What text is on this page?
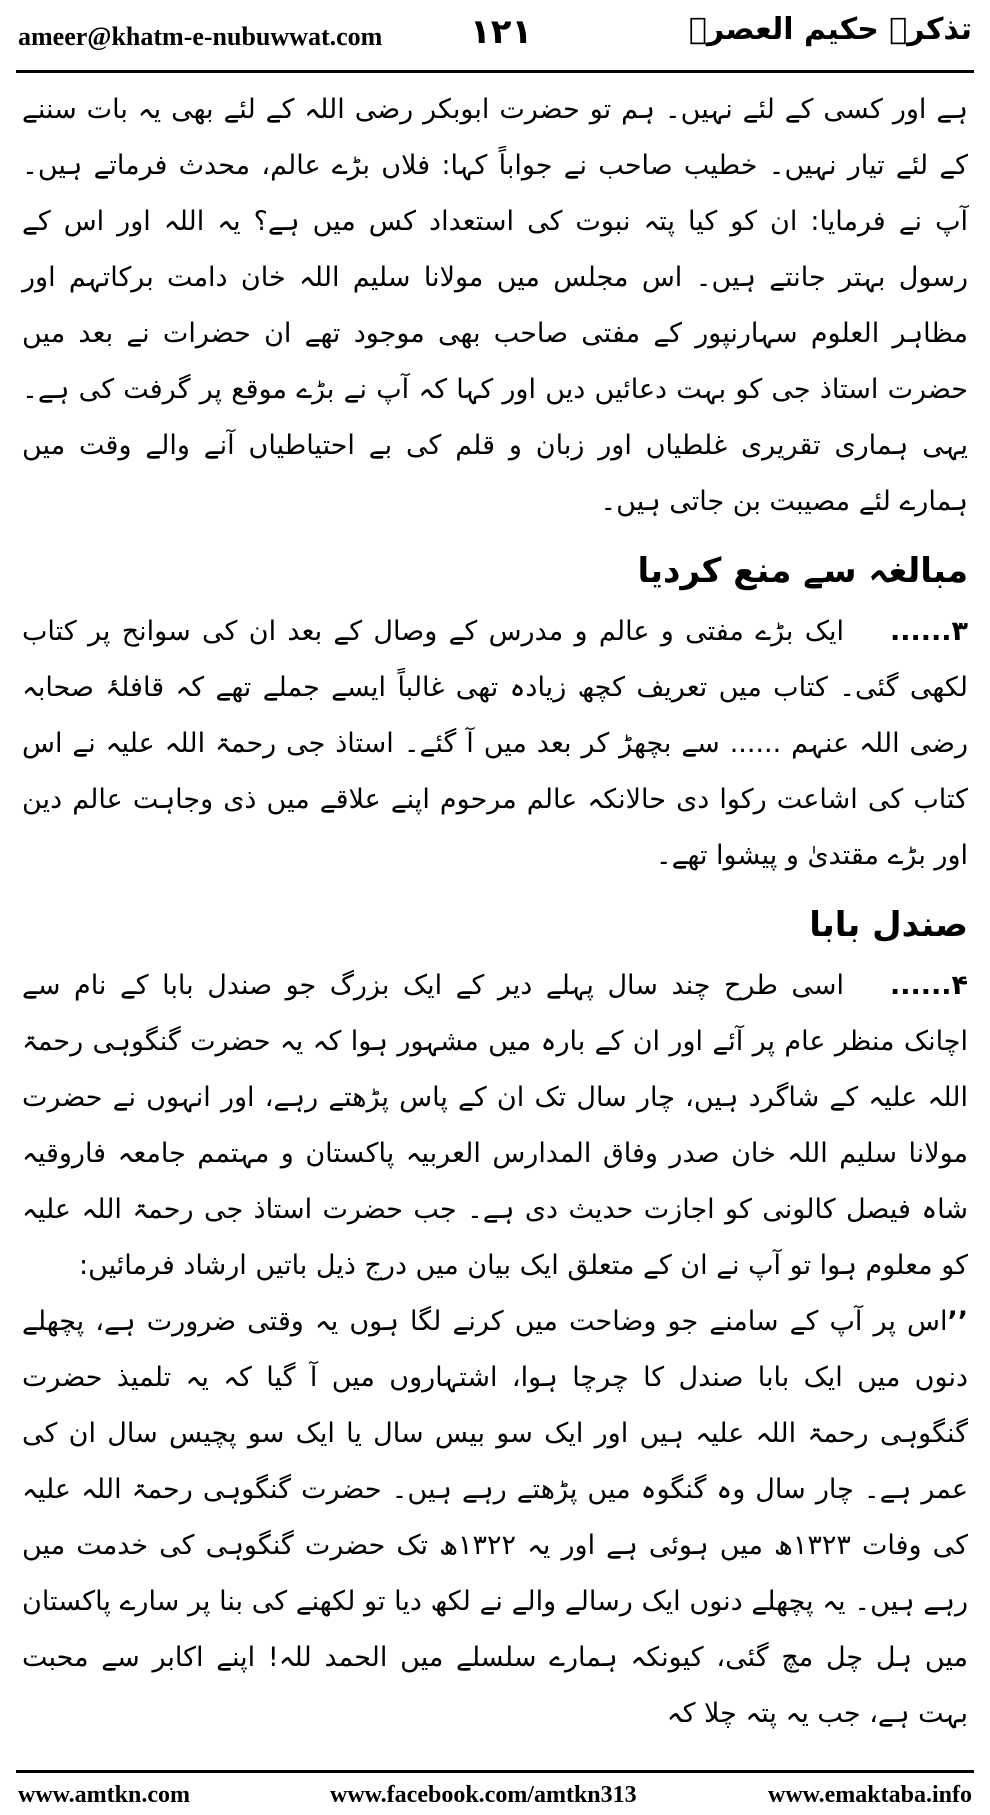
ameer@khatm-e-nubuwwat.com	۱۲۱	تذکرہ حکیم العصرؒ

ہے اور کسی کے لئے نہیں۔ ہم تو حضرت ابوبکر رضی اللہ کے لئے بھی یہ بات سننے کے لئے تیار نہیں۔ خطیب صاحب نے جواباً کہا: فلاں بڑے عالم، محدث فرماتے ہیں۔ آپ نے فرمایا: ان کو کیا پتہ نبوت کی استعداد کس میں ہے؟ یہ اللہ اور اس کے رسول بہتر جانتے ہیں۔ اس مجلس میں مولانا سلیم اللہ خان دامت برکاتہم اور مظاہر العلوم سہارنپور کے مفتی صاحب بھی موجود تھے ان حضرات نے بعد میں حضرت استاذ جی کو بہت دعائیں دیں اور کہا کہ آپ نے بڑے موقع پر گرفت کی ہے۔ یہی ہماری تقریری غلطیاں اور زبان و قلم کی بے احتیاطیاں آنے والے وقت میں ہمارے لئے مصیبت بن جاتی ہیں۔

مبالغہ سے منع کردیا

۳......ایک بڑے مفتی و عالم و مدرس کے وصال کے بعد ان کی سوانح پر کتاب لکھی گئی۔ کتاب میں تعریف کچھ زیادہ تھی غالباً ایسے جملے تھے کہ قافلۂ صحابہ رضی اللہ عنہم ...... سے بچھڑ کر بعد میں آ گئے۔ استاذ جی رحمۃ اللہ علیہ نے اس کتاب کی اشاعت رکوا دی حالانکہ عالم مرحوم اپنے علاقے میں ذی وجاہت عالم دین اور بڑے مقتدیٰ و پیشوا تھے۔

صندل بابا

۴......اسی طرح چند سال پہلے دیر کے ایک بزرگ جو صندل بابا کے نام سے اچانک منظر عام پر آئے اور ان کے بارہ میں مشہور ہوا کہ یہ حضرت گنگوہی رحمۃ اللہ علیہ کے شاگرد ہیں، چار سال تک ان کے پاس پڑھتے رہے، اور انہوں نے حضرت مولانا سلیم اللہ خان صدر وفاق المدارس العربیہ پاکستان و مہتمم جامعہ فاروقیہ شاہ فیصل کالونی کو اجازت حدیث دی ہے۔ جب حضرت استاذ جی رحمۃ اللہ علیہ کو معلوم ہوا تو آپ نے ان کے متعلق ایک بیان میں درج ذیل باتیں ارشاد فرمائیں:

’’اس پر آپ کے سامنے جو وضاحت میں کرنے لگا ہوں یہ وقتی ضرورت ہے، پچھلے دنوں میں ایک بابا صندل کا چرچا ہوا، اشتہاروں میں آ گیا کہ یہ تلمیذ حضرت گنگوہی رحمۃ اللہ علیہ ہیں اور ایک سو بیس سال یا ایک سو پچیس سال ان کی عمر ہے۔ چار سال وہ گنگوہ میں پڑھتے رہے ہیں۔ حضرت گنگوہی رحمۃ اللہ علیہ کی وفات ۱۳۲۳ھ میں ہوئی ہے اور یہ ۱۳۲۲ھ تک حضرت گنگوہی کی خدمت میں رہے ہیں۔ یہ پچھلے دنوں ایک رسالے والے نے لکھ دیا تو لکھنے کی بنا پر سارے پاکستان میں ہل چل مچ گئی، کیونکہ ہمارے سلسلے میں الحمد للہ! اپنے اکابر سے محبت بہت ہے، جب یہ پتہ چلا کہ

www.amtkn.com	www.facebook.com/amtkn313	www.emaktaba.info
